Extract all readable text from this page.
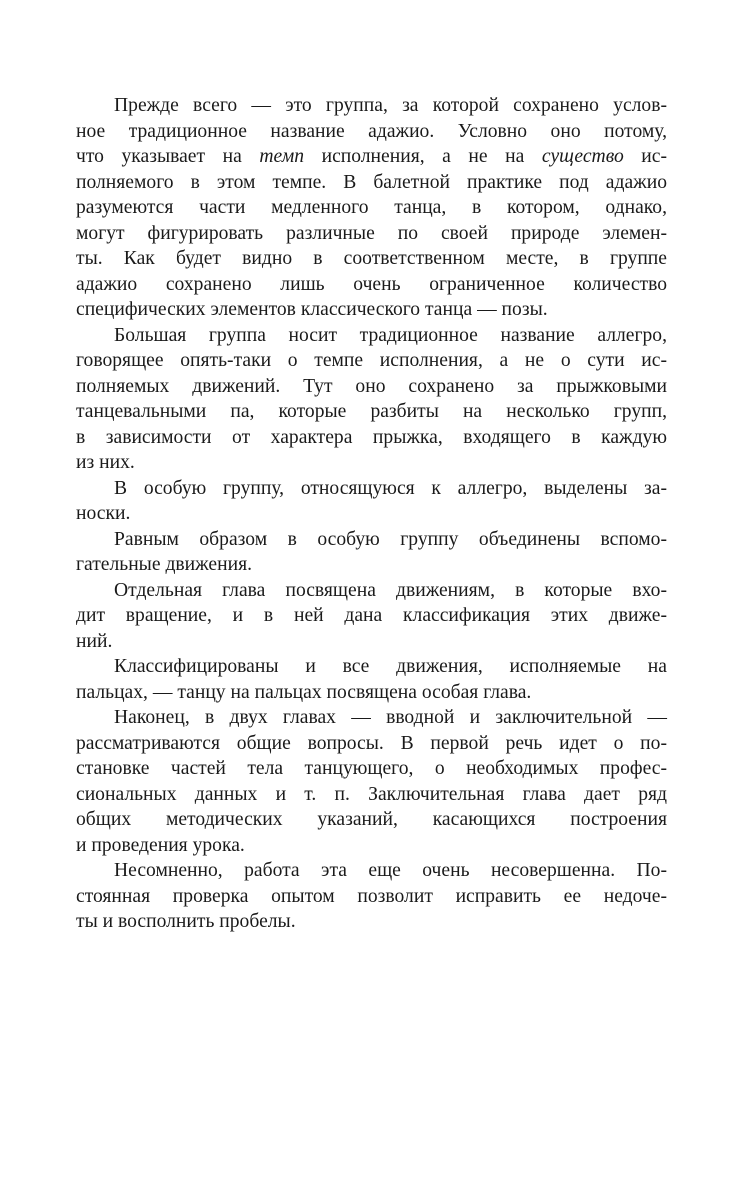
Прежде всего — это группа, за которой сохранено услов-
ное традиционное название адажио. Условно оно потому,
что указывает на темп исполнения, а не на существо ис-
полняемого в этом темпе. В балетной практике под адажио
разумеются части медленного танца, в котором, однако,
могут фигурировать различные по своей природе элемен-
ты. Как будет видно в соответственном месте, в группе
адажио сохранено лишь очень ограниченное количество
специфических элементов классического танца — позы.

Большая группа носит традиционное название аллегро,
говорящее опять-таки о темпе исполнения, а не о сути ис-
полняемых движений. Тут оно сохранено за прыжковыми
танцевальными па, которые разбиты на несколько групп,
в зависимости от характера прыжка, входящего в каждую
из них.

В особую группу, относящуюся к аллегро, выделены за-
носки.

Равным образом в особую группу объединены вспомо-
гательные движения.

Отдельная глава посвящена движениям, в которые вхо-
дит вращение, и в ней дана классификация этих движе-
ний.

Классифицированы и все движения, исполняемые на
пальцах, — танцу на пальцах посвящена особая глава.

Наконец, в двух главах — вводной и заключительной —
рассматриваются общие вопросы. В первой речь идет о по-
становке частей тела танцующего, о необходимых профес-
сиональных данных и т. п. Заключительная глава дает ряд
общих методических указаний, касающихся построения
и проведения урока.

Несомненно, работа эта еще очень несовершенна. По-
стоянная проверка опытом позволит исправить ее недоче-
ты и восполнить пробелы.
